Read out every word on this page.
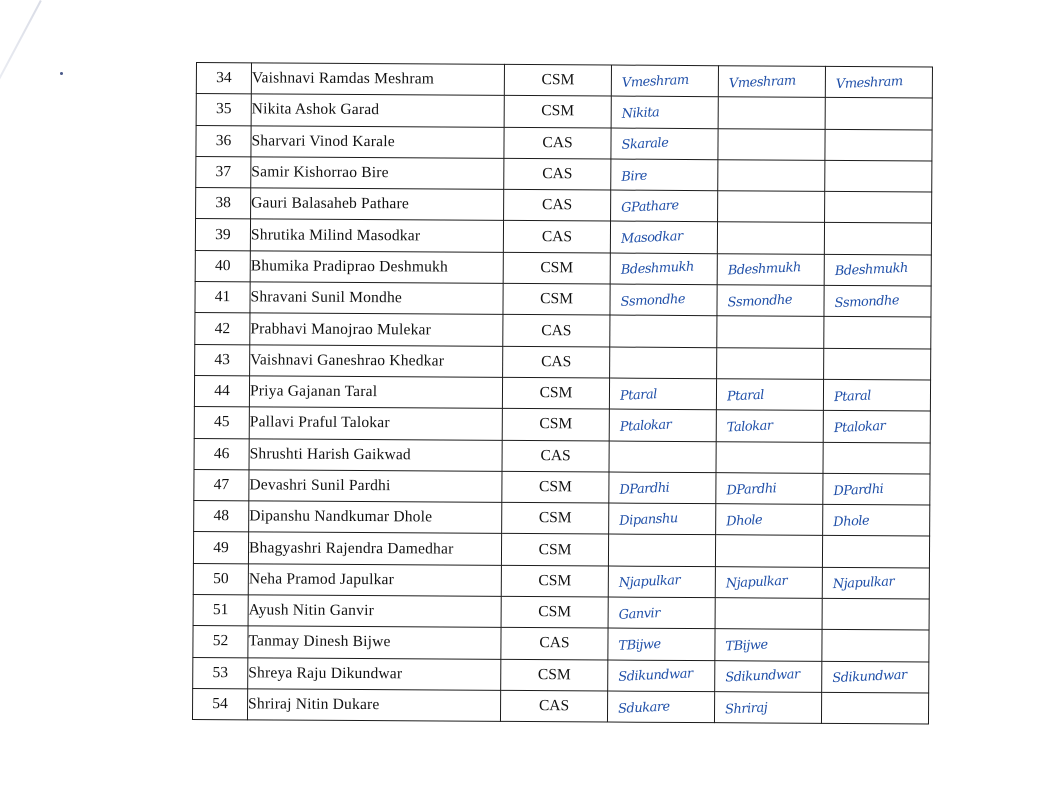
34	Vaishnavi Ramdas Meshram	CSM	Vmeshram	Vmeshram	Vmeshram

35	Nikita Ashok Garad	CSM	Nikita		

36	Sharvari Vinod Karale	CAS	Skarale		

37	Samir Kishorrao Bire	CAS	Bire		

38	Gauri Balasaheb Pathare	CAS	GPathare		

39	Shrutika Milind Masodkar	CAS	Masodkar		

40	Bhumika Pradiprao Deshmukh	CSM	Bdeshmukh	Bdeshmukh	Bdeshmukh

41	Shravani Sunil Mondhe	CSM	Ssmondhe	Ssmondhe	Ssmondhe

42	Prabhavi Manojrao Mulekar	CAS	

43	Vaishnavi Ganeshrao Khedkar	CAS	

44	Priya Gajanan Taral	CSM	Ptaral	Ptaral	Ptaral

45	Pallavi Praful Talokar	CSM	Ptalokar	Talokar	Ptalokar

46	Shrushti Harish Gaikwad	CAS	

47	Devashri Sunil Pardhi	CSM	DPardhi	DPardhi	DPardhi

48	Dipanshu Nandkumar Dhole	CSM	Dipanshu	Dhole	Dhole

49	Bhagyashri Rajendra Damedhar	CSM	

50	Neha Pramod Japulkar	CSM	Njapulkar	Njapulkar	Njapulkar

51	Ayush Nitin Ganvir	CSM	Ganvir		

52	Tanmay Dinesh Bijwe	CAS	TBijwe	TBijwe	

53	Shreya Raju Dikundwar	CSM	Sdikundwar	Sdikundwar	Sdikundwar

54	Shriraj Nitin Dukare	CAS	Sdukare	Shriraj	
